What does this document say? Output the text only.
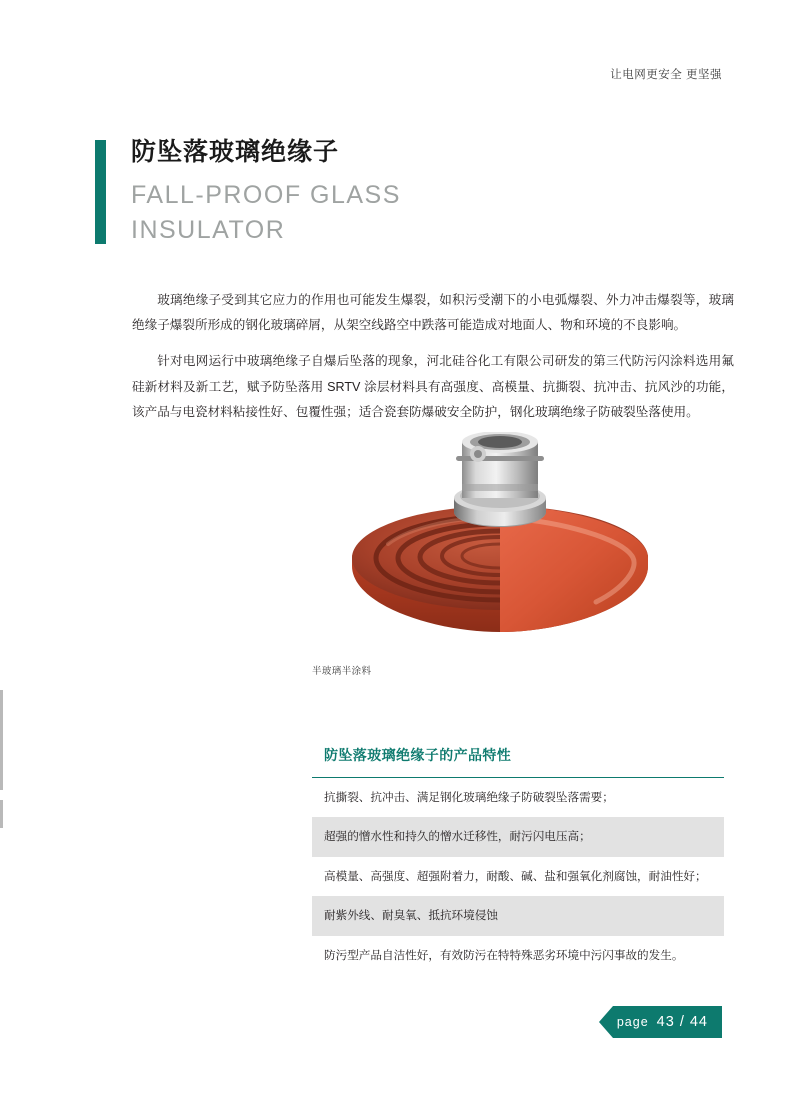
让电网更安全 更坚强
防坠落玻璃绝缘子
FALL-PROOF GLASS
INSULATOR

玻璃绝缘子受到其它应力的作用也可能发生爆裂，如积污受潮下的小电弧爆裂、外力冲击爆裂等，玻璃绝缘子爆裂所形成的钢化玻璃碎屑，从架空线路空中跌落可能造成对地面人、物和环境的不良影响。

针对电网运行中玻璃绝缘子自爆后坠落的现象，河北硅谷化工有限公司研发的第三代防污闪涂料选用氟硅新材料及新工艺，赋予防坠落用 SRTV 涂层材料具有高强度、高模量、抗撕裂、抗冲击、抗风沙的功能，该产品与电瓷材料粘接性好、包覆性强；适合瓷套防爆破安全防护，钢化玻璃绝缘子防破裂坠落使用。

半玻璃半涂料
防坠落玻璃绝缘子的产品特性
抗撕裂、抗冲击、满足钢化玻璃绝缘子防破裂坠落需要；
超强的憎水性和持久的憎水迁移性，耐污闪电压高；
高模量、高强度、超强附着力，耐酸、碱、盐和强氧化剂腐蚀，耐油性好；
耐紫外线、耐臭氧、抵抗环境侵蚀
防污型产品自洁性好，有效防污在特特殊恶劣环境中污闪事故的发生。
page 43 / 44
